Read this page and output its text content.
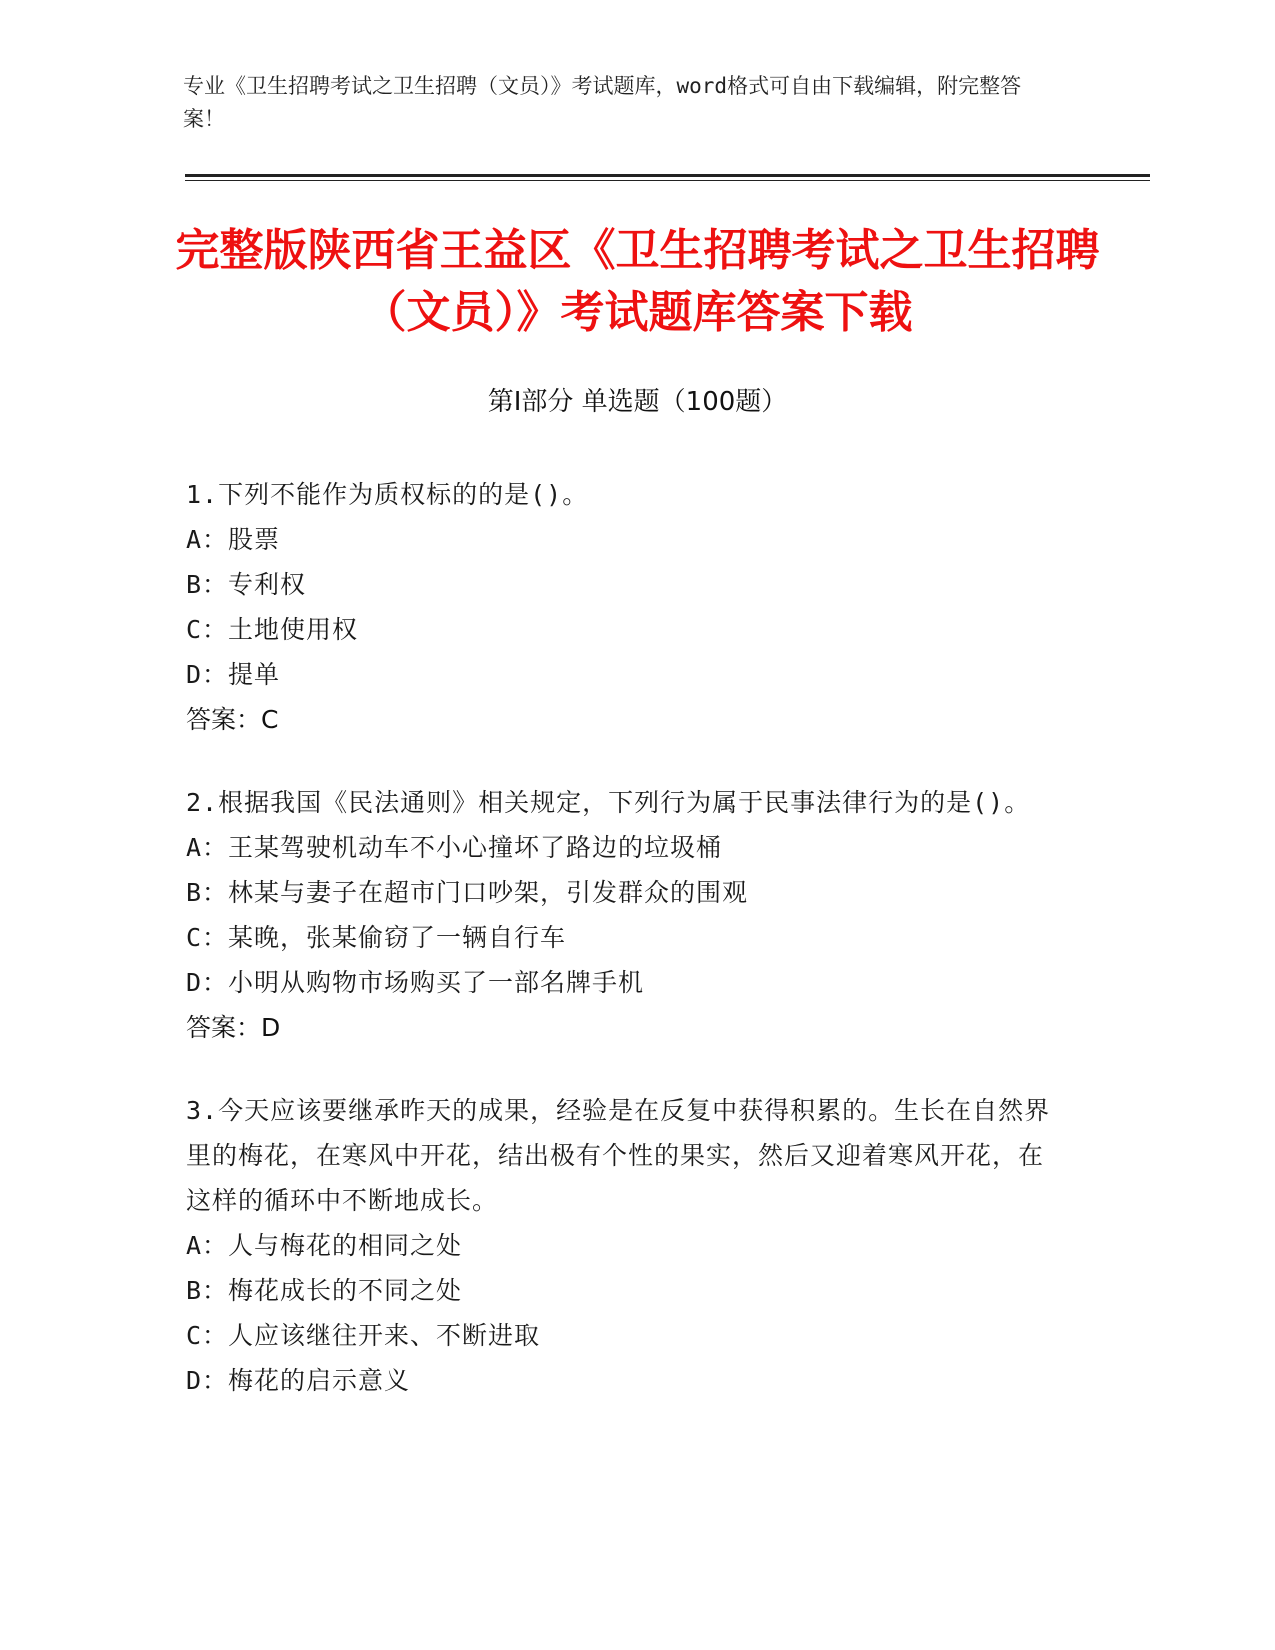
专业《卫生招聘考试之卫生招聘（文员）》考试题库，word格式可自由下载编辑，附完整答案！
完整版陕西省王益区《卫生招聘考试之卫生招聘（文员）》考试题库答案下载
第I部分 单选题（100题）
1.下列不能作为质权标的的是()。
A：股票
B：专利权
C：土地使用权
D：提单
答案：C
2.根据我国《民法通则》相关规定，下列行为属于民事法律行为的是()。
A：王某驾驶机动车不小心撞坏了路边的垃圾桶
B：林某与妻子在超市门口吵架，引发群众的围观
C：某晚，张某偷窃了一辆自行车
D：小明从购物市场购买了一部名牌手机
答案：D
3.今天应该要继承昨天的成果，经验是在反复中获得积累的。生长在自然界里的梅花，在寒风中开花，结出极有个性的果实，然后又迎着寒风开花，在这样的循环中不断地成长。
A：人与梅花的相同之处
B：梅花成长的不同之处
C：人应该继往开来、不断进取
D：梅花的启示意义
